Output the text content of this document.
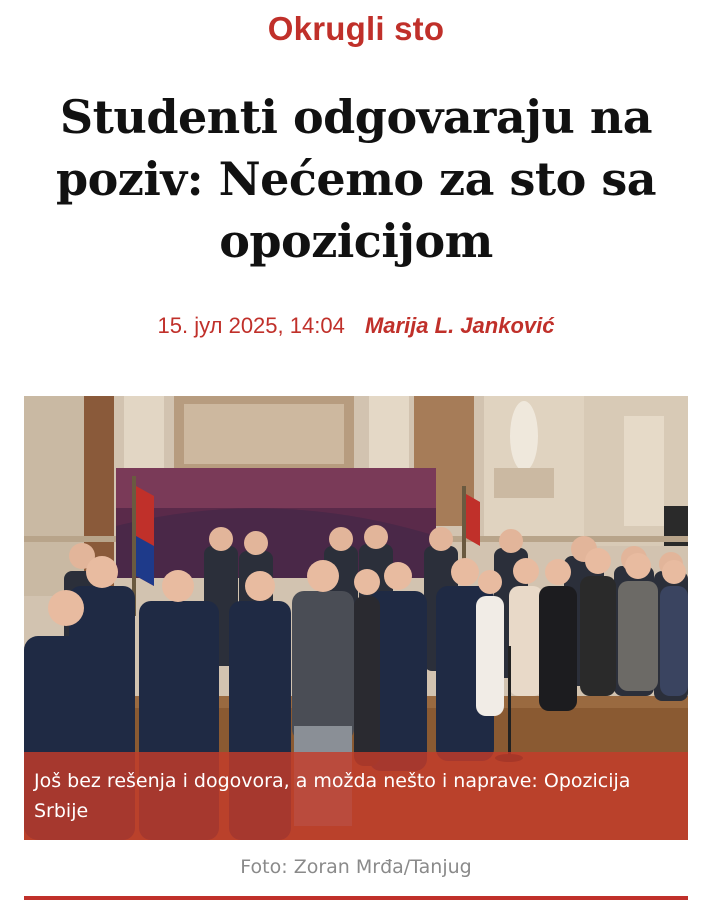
Okrugli sto
Studenti odgovaraju na poziv: Nećemo za sto sa opozicijom
15. јул 2025, 14:04 Marija L. Janković
Još bez rešenja i dogovora, a možda nešto i naprave: Opozicija Srbije
Foto: Zoran Mrđa/Tanjug
